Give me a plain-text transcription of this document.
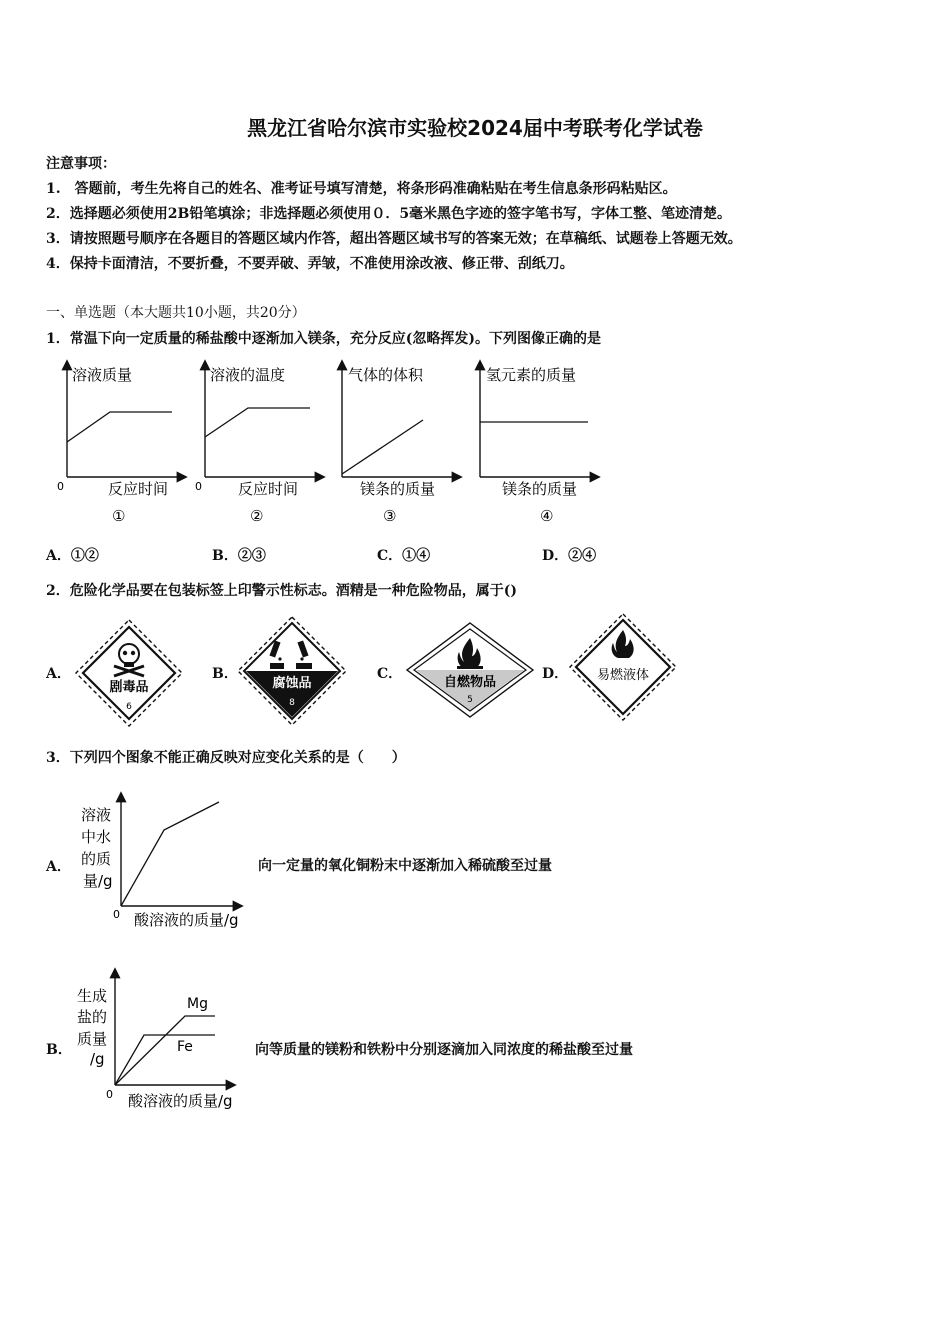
黑龙江省哈尔滨市实验校2024届中考联考化学试卷
注意事项：
1.　答题前，考生先将自己的姓名、准考证号填写清楚，将条形码准确粘贴在考生信息条形码粘贴区。
2．选择题必须使用2B铅笔填涂；非选择题必须使用０．5毫米黑色字迹的签字笔书写，字体工整、笔迹清楚。
3．请按照题号顺序在各题目的答题区域内作答，超出答题区域书写的答案无效；在草稿纸、试题卷上答题无效。
4．保持卡面清洁，不要折叠，不要弄破、弄皱，不准使用涂改液、修正带、刮纸刀。
一、单选题（本大题共10小题，共20分）
1．常温下向一定质量的稀盐酸中逐渐加入镁条，充分反应(忽略挥发)。下列图像正确的是
溶液质量
反应时间
0
①
溶液的温度
反应时间
0
②
气体的体积
镁条的质量
③
氢元素的质量
镁条的质量
④
A．①②	B．②③	C．①④	D．②④
2．危险化学品要在包装标签上印警示性标志。酒精是一种危险物品，属于()
A．	B．	C．	D．
剧毒品
6
腐蚀品
8
自燃物品
5
易燃液体
3．下列四个图象不能正确反映对应变化关系的是（　　）
A．
溶液
中水
的质
量/g
0 酸溶液的质量/g
向一定量的氧化铜粉末中逐渐加入稀硫酸至过量
B．
Mg
Fe
生成
盐的
质量
/g
0 酸溶液的质量/g
向等质量的镁粉和铁粉中分别逐滴加入同浓度的稀盐酸至过量
